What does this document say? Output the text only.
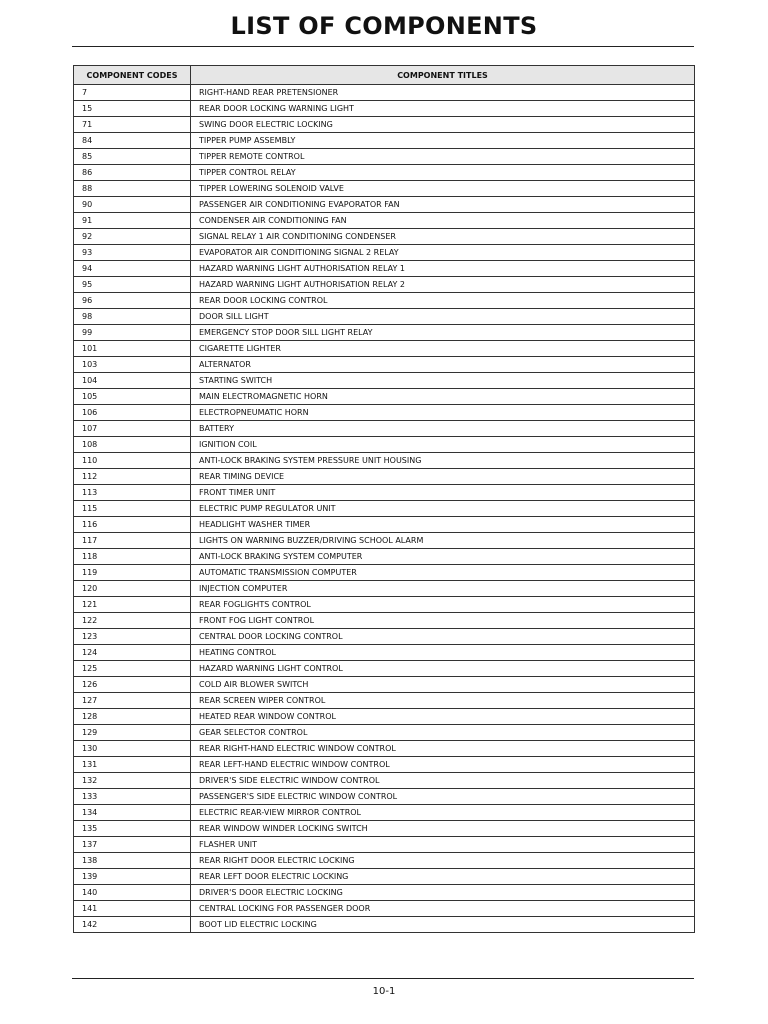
LIST OF COMPONENTS
COMPONENT CODES	COMPONENT TITLES
7	RIGHT-HAND REAR PRETENSIONER
15	REAR DOOR LOCKING WARNING LIGHT
71	SWING DOOR ELECTRIC LOCKING
84	TIPPER PUMP ASSEMBLY
85	TIPPER REMOTE CONTROL
86	TIPPER CONTROL RELAY
88	TIPPER LOWERING SOLENOID VALVE
90	PASSENGER AIR CONDITIONING EVAPORATOR FAN
91	CONDENSER AIR CONDITIONING FAN
92	SIGNAL RELAY 1 AIR CONDITIONING CONDENSER
93	EVAPORATOR AIR CONDITIONING SIGNAL 2 RELAY
94	HAZARD WARNING LIGHT AUTHORISATION RELAY 1
95	HAZARD WARNING LIGHT AUTHORISATION RELAY 2
96	REAR DOOR LOCKING CONTROL
98	DOOR SILL LIGHT
99	EMERGENCY STOP DOOR SILL LIGHT RELAY
101	CIGARETTE LIGHTER
103	ALTERNATOR
104	STARTING SWITCH
105	MAIN ELECTROMAGNETIC HORN
106	ELECTROPNEUMATIC HORN
107	BATTERY
108	IGNITION COIL
110	ANTI-LOCK BRAKING SYSTEM PRESSURE UNIT HOUSING
112	REAR TIMING DEVICE
113	FRONT TIMER UNIT
115	ELECTRIC PUMP REGULATOR UNIT
116	HEADLIGHT WASHER TIMER
117	LIGHTS ON WARNING BUZZER/DRIVING SCHOOL ALARM
118	ANTI-LOCK BRAKING SYSTEM COMPUTER
119	AUTOMATIC TRANSMISSION COMPUTER
120	INJECTION COMPUTER
121	REAR FOGLIGHTS CONTROL
122	FRONT FOG LIGHT CONTROL
123	CENTRAL DOOR LOCKING CONTROL
124	HEATING CONTROL
125	HAZARD WARNING LIGHT CONTROL
126	COLD AIR BLOWER SWITCH
127	REAR SCREEN WIPER CONTROL
128	HEATED REAR WINDOW CONTROL
129	GEAR SELECTOR CONTROL
130	REAR RIGHT-HAND ELECTRIC WINDOW CONTROL
131	REAR LEFT-HAND ELECTRIC WINDOW CONTROL
132	DRIVER'S SIDE ELECTRIC WINDOW CONTROL
133	PASSENGER'S SIDE ELECTRIC WINDOW CONTROL
134	ELECTRIC REAR-VIEW MIRROR CONTROL
135	REAR WINDOW WINDER LOCKING SWITCH
137	FLASHER UNIT
138	REAR RIGHT DOOR ELECTRIC LOCKING
139	REAR LEFT DOOR ELECTRIC LOCKING
140	DRIVER'S DOOR ELECTRIC LOCKING
141	CENTRAL LOCKING FOR PASSENGER DOOR
142	BOOT LID ELECTRIC LOCKING
10-1
